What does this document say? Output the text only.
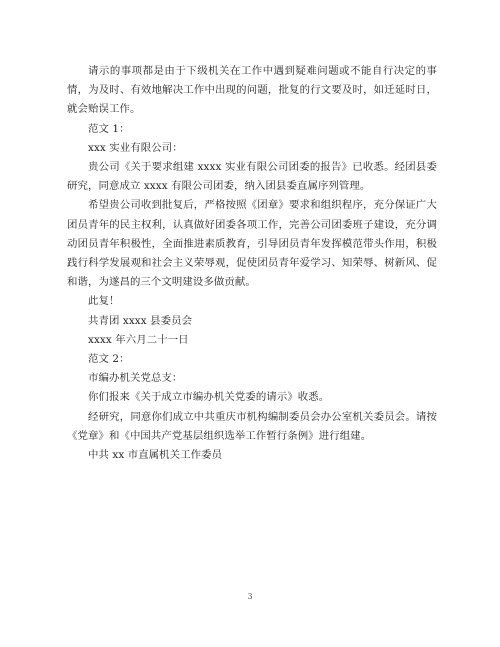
请示的事项都是由于下级机关在工作中遇到疑难问题或不能自行决定的事情，为及时、有效地解决工作中出现的问题，批复的行文要及时，如迁延时日，就会贻误工作。

范文 1：

xxx 实业有限公司：

贵公司《关于要求组建 xxxx 实业有限公司团委的报告》已收悉。经团县委研究，同意成立 xxxx 有限公司团委，纳入团县委直属序列管理。

希望贵公司收到批复后，严格按照《团章》要求和组织程序，充分保证广大团员青年的民主权利，认真做好团委各项工作，完善公司团委班子建设，充分调动团员青年积极性，全面推进素质教育，引导团员青年发挥模范带头作用，积极践行科学发展观和社会主义荣辱观，促使团员青年爱学习、知荣辱、树新风、促和谐，为遂昌的三个文明建设多做贡献。

此复！

共青团 xxxx 县委员会

xxxx 年六月二十一日

范文 2：

市编办机关党总支：

你们报来《关于成立市编办机关党委的请示》收悉。

经研究，同意你们成立中共重庆市机构编制委员会办公室机关委员会。请按《党章》和《中国共产党基层组织选举工作暂行条例》进行组建。

中共 xx 市直属机关工作委员

3
